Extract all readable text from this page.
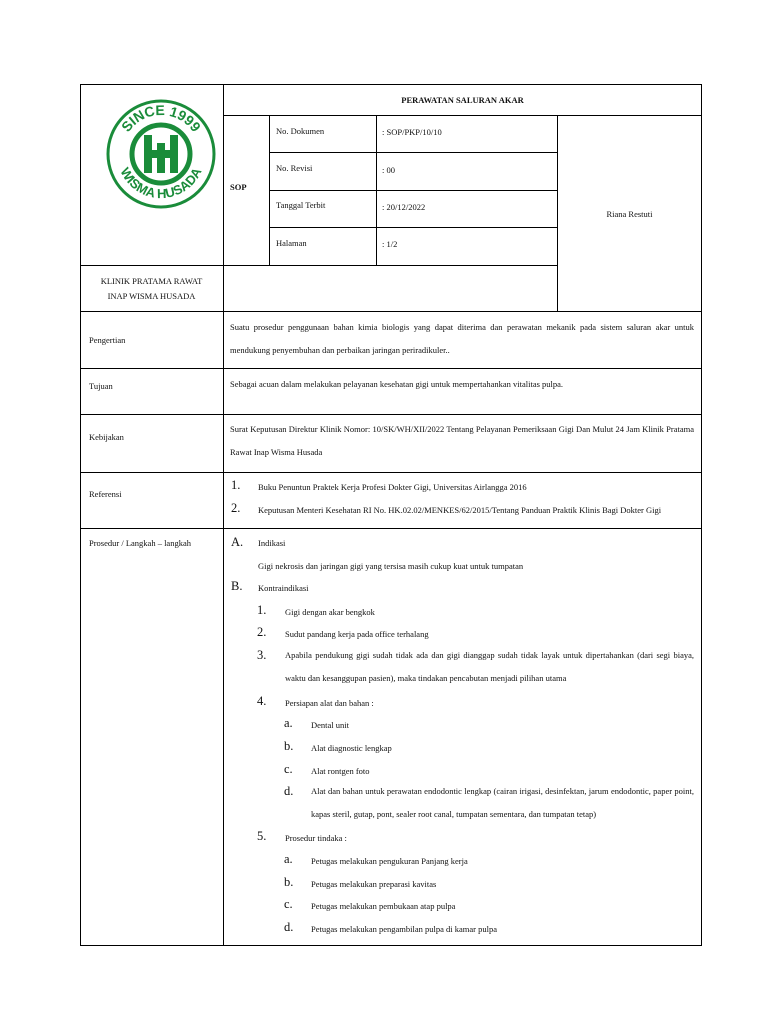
SINCE 1999
WISMA HUSADA
PERAWATAN SALURAN AKAR
SOP
No. Dokumen	: SOP/PKP/10/10
No. Revisi	: 00
Tanggal Terbit	: 20/12/2022
Halaman	: 1/2
Riana Restuti
KLINIK PRATAMA RAWAT
INAP WISMA HUSADA
Pengertian
Suatu prosedur penggunaan bahan kimia biologis yang dapat diterima dan perawatan mekanik pada sistem saluran akar untuk mendukung penyembuhan dan perbaikan jaringan periradikuler..
Tujuan	Sebagai acuan dalam melakukan pelayanan kesehatan gigi untuk mempertahankan vitalitas pulpa.
Kebijakan
Surat Keputusan Direktur Klinik Nomor: 10/SK/WH/XII/2022 Tentang Pelayanan Pemeriksaan Gigi Dan Mulut 24 Jam Klinik Pratama Rawat Inap Wisma Husada
Referensi
1. Buku Penuntun Praktek Kerja Profesi Dokter Gigi, Universitas Airlangga 2016
2. Keputusan Menteri Kesehatan RI No. HK.02.02/MENKES/62/2015/Tentang Panduan Praktik Klinis Bagi Dokter Gigi
Prosedur / Langkah – langkah	A. Indikasi
Gigi nekrosis dan jaringan gigi yang tersisa masih cukup kuat untuk tumpatan
B. Kontraindikasi
1. Gigi dengan akar bengkok
2. Sudut pandang kerja pada office terhalang
3. Apabila pendukung gigi sudah tidak ada dan gigi dianggap sudah tidak layak untuk dipertahankan (dari segi biaya, waktu dan kesanggupan pasien), maka tindakan pencabutan menjadi pilihan utama
4. Persiapan alat dan bahan :
a. Dental unit
b. Alat diagnostic lengkap
c. Alat rontgen foto
d. Alat dan bahan untuk perawatan endodontic lengkap (cairan irigasi, desinfektan, jarum endodontic, paper point, kapas steril, gutap, pont, sealer root canal, tumpatan sementara, dan tumpatan tetap)
5. Prosedur tindaka :
a. Petugas melakukan pengukuran Panjang kerja
b. Petugas melakukan preparasi kavitas
c. Petugas melakukan pembukaan atap pulpa
d. Petugas melakukan pengambilan pulpa di kamar pulpa
